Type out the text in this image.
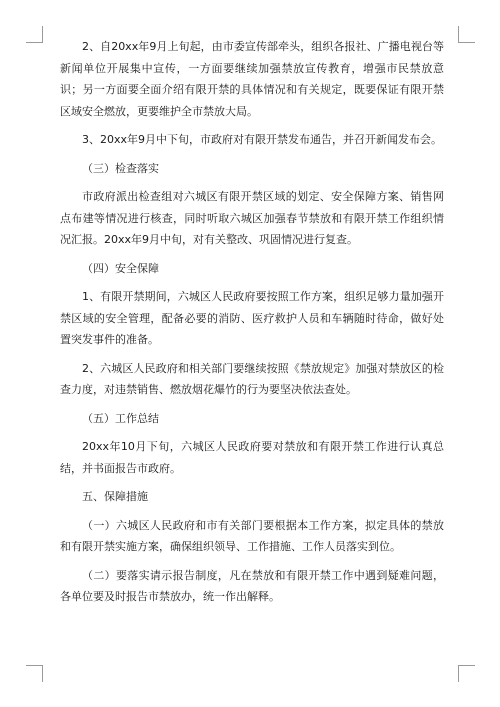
2、自20xx年9月上旬起，由市委宣传部牵头，组织各报社、广播电视台等新闻单位开展集中宣传，一方面要继续加强禁放宣传教育，增强市民禁放意识；另一方面要全面介绍有限开禁的具体情况和有关规定，既要保证有限开禁区域安全燃放，更要维护全市禁放大局。

3、20xx年9月中下旬，市政府对有限开禁发布通告，并召开新闻发布会。

（三）检查落实

市政府派出检查组对六城区有限开禁区域的划定、安全保障方案、销售网点布建等情况进行核查，同时听取六城区加强春节禁放和有限开禁工作组织情况汇报。20xx年9月中旬，对有关整改、巩固情况进行复查。

（四）安全保障

1、有限开禁期间，六城区人民政府要按照工作方案，组织足够力量加强开禁区域的安全管理，配备必要的消防、医疗救护人员和车辆随时待命，做好处置突发事件的准备。

2、六城区人民政府和相关部门要继续按照《禁放规定》加强对禁放区的检查力度，对违禁销售、燃放烟花爆竹的行为要坚决依法查处。

（五）工作总结

20xx年10月下旬，六城区人民政府要对禁放和有限开禁工作进行认真总结，并书面报告市政府。

五、保障措施

（一）六城区人民政府和市有关部门要根据本工作方案，拟定具体的禁放和有限开禁实施方案，确保组织领导、工作措施、工作人员落实到位。

（二）要落实请示报告制度，凡在禁放和有限开禁工作中遇到疑难问题，各单位要及时报告市禁放办，统一作出解释。
